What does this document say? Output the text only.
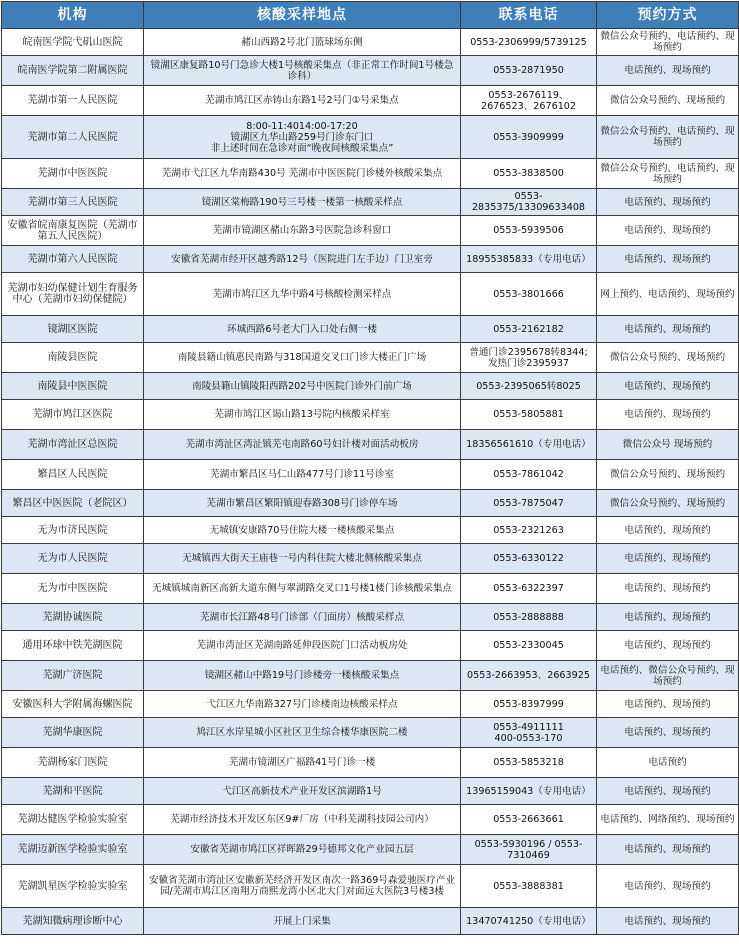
机构	核酸采样地点	联系电话	预约方式
皖南医学院弋矶山医院	赭山西路2号北门篮球场东侧	0553-2306999/5739125	微信公众号预约、电话预约、现场预约
皖南医学院第二附属医院	镜湖区康复路10号门急诊大楼1号核酸采集点（非正常工作时间1号楼急诊科）	0553-2871950	电话预约、现场预约
芜湖市第一人民医院	芜湖市鸠江区赤铸山东路1号2号门①号采集点	0553-2676119、2676523、2676102	微信公众号预约、现场预约
芜湖市第二人民医院	8:00-11:4014:00-17:20
镜湖区九华山路259号门诊东门口
非上述时间在急诊对面“晚夜间核酸采集点”	0553-3909999	微信公众号预约、电话预约、现场预约
芜湖市中医医院	芜湖市弋江区九华南路430号 芜湖市中医医院门诊楼外核酸采集点	0553-3838500	微信公众号预约、电话预约、现场预约
芜湖市第三人民医院	镜湖区棠梅路190号三号楼一楼第一核酸采样点	0553-2835375/13309633408	电话预约、现场预约
安徽省皖南康复医院（芜湖市第五人民医院）	芜湖市镜湖区赭山东路3号医院急诊科窗口	0553-5939506	电话预约、现场预约
芜湖市第六人民医院	安徽省芜湖市经开区越秀路12号（医院进门左手边）门卫室旁	18955385833（专用电话）	电话预约、现场预约
芜湖市妇幼保健计划生育服务中心（芜湖市妇幼保健院）	芜湖市鸠江区九华中路4号核酸检测采样点	0553-3801666	网上预约、电话预约、现场预约
镜湖区医院	环城西路6号老大门入口处右侧一楼	0553-2162182	电话预约、现场预约
南陵县医院	南陵县籍山镇惠民南路与318国道交叉口门诊大楼正门广场	普通门诊2395678转8344;
发热门诊2395937	微信公众号预约、现场预约
南陵县中医医院	南陵县籍山镇陵阳西路202号中医院门诊外门前广场	0553-2395065转8025	电话预约、现场预约
芜湖市鸠江区医院	芜湖市鸠江区谒山路13号院内核酸采样室	0553-5805881	电话预约、现场预约
芜湖市湾沚区总医院	芜湖市湾沚区湾沚镇芜屯南路60号妇计楼对面活动板房	18356561610（专用电话）	微信公众号 现场预约
繁昌区人民医院	芜湖市繁昌区马仁山路477号门诊11号诊室	0553-7861042	微信公众号预约、现场预约
繁昌区中医医院（老院区）	芜湖市繁昌区繁阳镇迎春路308号门诊停车场	0553-7875047	微信公众号预约、现场预约
无为市济民医院	无城镇安康路70号住院大楼一楼核酸采集点	0553-2321263	电话预约、现场预约
无为市人民医院	无城镇西大街天王庙巷一号内科住院大楼北侧核酸采集点	0553-6330122	电话预约、现场预约
无为市中医医院	无城镇城南新区高新大道东侧与翠湖路交叉口1号楼1楼门诊核酸采集点	0553-6322397	电话预约、现场预约
芜湖协诚医院	芜湖市长江路48号门诊部（门面房）核酸采样点	0553-2888888	电话预约、现场预约
通用环球中铁芜湖医院	芜湖市湾沚区芜湖南路延伸段医院门口活动板房处	0553-2330045	电话预约、现场预约
芜湖广济医院	镜湖区赭山中路19号门诊楼旁一楼核酸采集点	0553-2663953、2663925	电话预约、微信公众号预约、现场预约
安徽医科大学附属海螺医院	弋江区九华南路327号门诊楼南边核酸采样点	0553-8397999	电话预约、现场预约
芜湖华康医院	鸠江区水岸星城小区社区卫生综合楼华康医院二楼	0553-4911111
400-0553-170	电话预约、现场预约
芜湖杨家门医院	芜湖市镜湖区广福路41号门诊一楼	0553-5853218	电话预约
芜湖和平医院	弋江区高新技术产业开发区滨湖路1号	13965159043（专用电话）	电话预约、现场预约
芜湖达健医学检验实验室	芜湖市经济技术开发区东区9#厂房（中科芜湖科技园公司内）	0553-2663661	电话预约、网络预约、现场预约
芜湖迈新医学检验实验室	安徽省芜湖市鸠江区祥晖路29号德邦文化产业园五层	0553-5930196 / 0553-7310469	电话预约、现场预约
芜湖凯星医学检验实验室	安徽省芜湖市湾沚区安徽新芜经济开发区南次一路369号森爱驰医疗产业园/芜湖市鸠江区南翔万商熙龙湾小区北大门对面远大医院3号楼3楼	0553-3888381	电话预约、现场预约
芜湖知微病理诊断中心	开展上门采集	13470741250（专用电话）	电话预约、现场预约
